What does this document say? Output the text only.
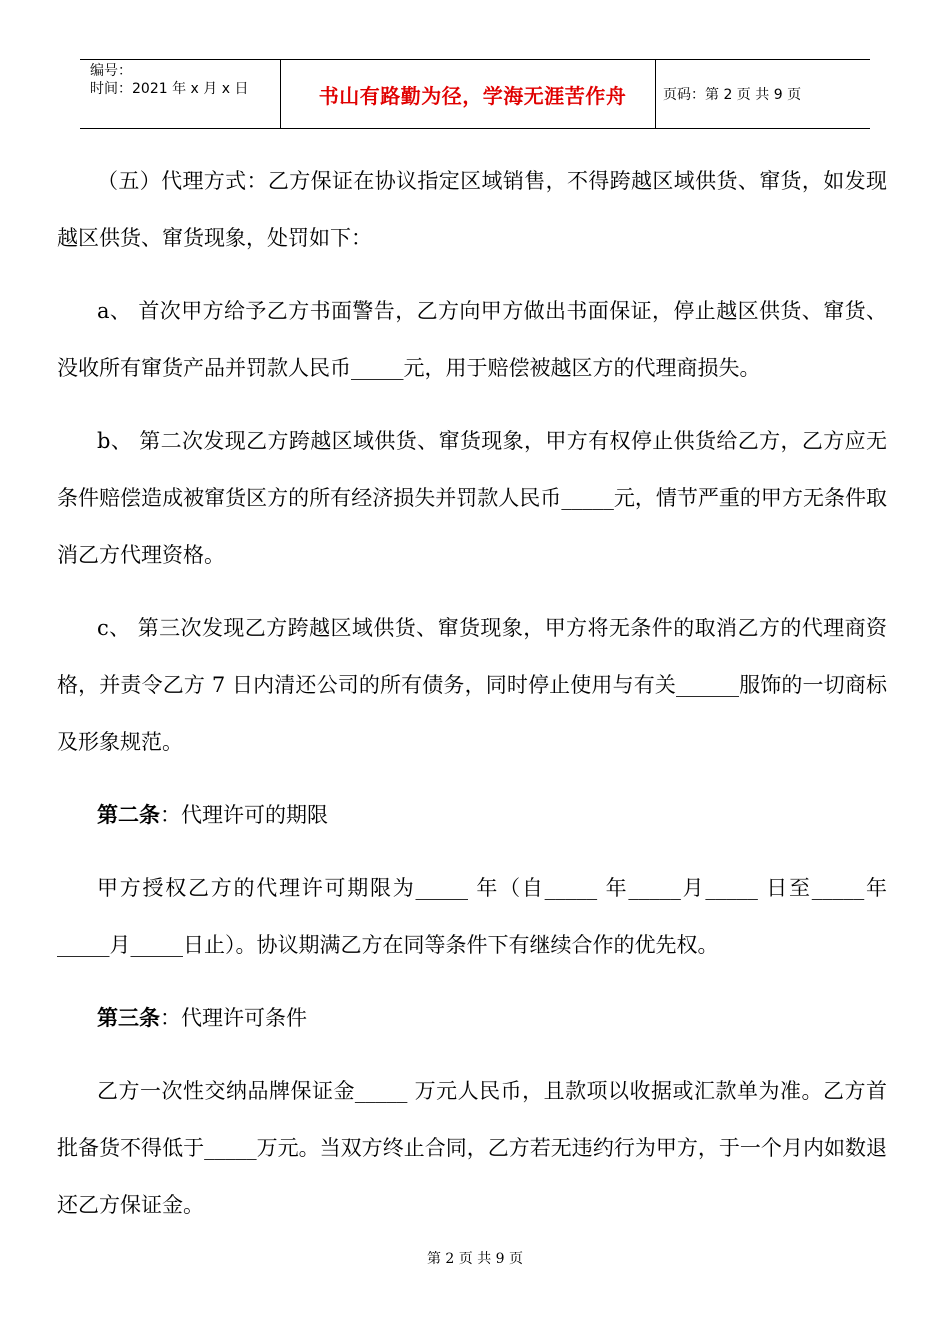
编号：
时间：2021 年 x 月 x 日	书山有路勤为径，学海无涯苦作舟	页码：第 2 页 共 9 页

（五）代理方式：乙方保证在协议指定区域销售，不得跨越区域供货、窜货，如发现越区供货、窜货现象，处罚如下：

a、 首次甲方给予乙方书面警告，乙方向甲方做出书面保证，停止越区供货、窜货、没收所有窜货产品并罚款人民币_____元，用于赔偿被越区方的代理商损失。

b、 第二次发现乙方跨越区域供货、窜货现象，甲方有权停止供货给乙方，乙方应无条件赔偿造成被窜货区方的所有经济损失并罚款人民币_____元，情节严重的甲方无条件取消乙方代理资格。

c、 第三次发现乙方跨越区域供货、窜货现象，甲方将无条件的取消乙方的代理商资格，并责令乙方 7 日内清还公司的所有债务，同时停止使用与有关______服饰的一切商标及形象规范。

第二条：代理许可的期限

甲方授权乙方的代理许可期限为_____ 年（自_____ 年_____月_____ 日至_____年_____月_____日止）。协议期满乙方在同等条件下有继续合作的优先权。

第三条：代理许可条件

乙方一次性交纳品牌保证金_____ 万元人民币，且款项以收据或汇款单为准。乙方首批备货不得低于_____万元。当双方终止合同，乙方若无违约行为甲方，于一个月内如数退还乙方保证金。

第 2 页 共 9 页
